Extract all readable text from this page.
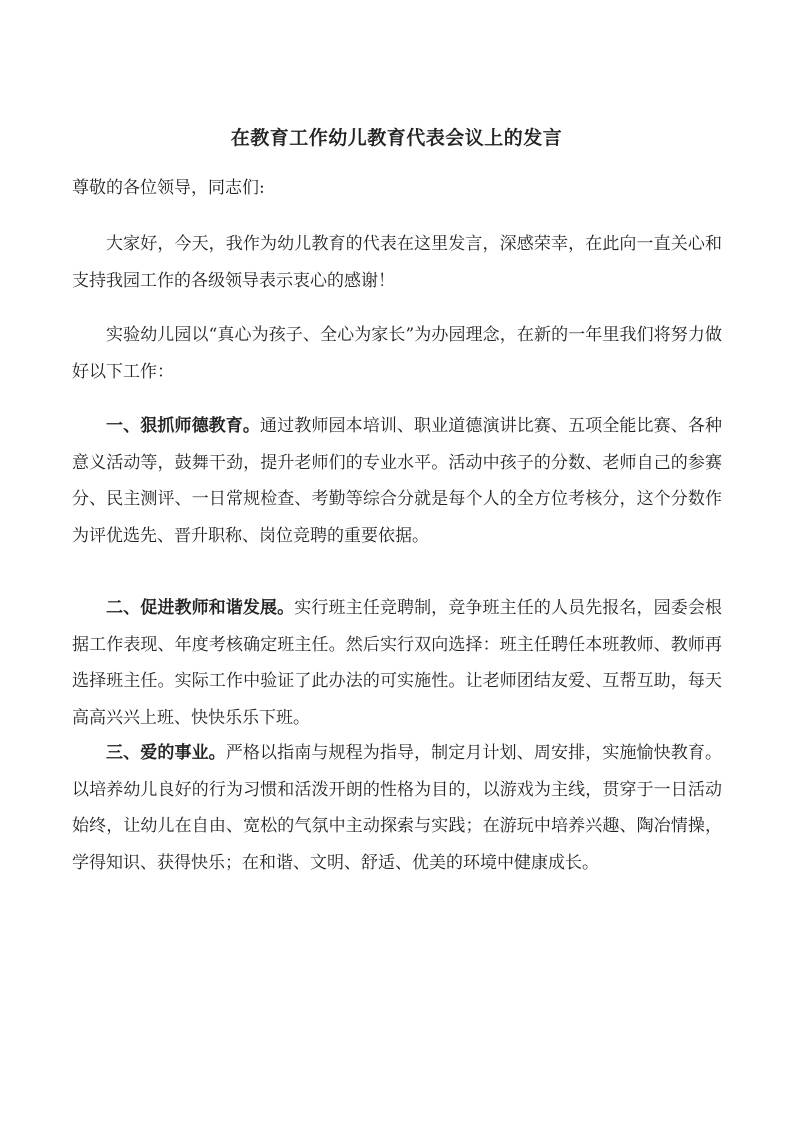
在教育工作幼儿教育代表会议上的发言
尊敬的各位领导，同志们:

大家好，今天，我作为幼儿教育的代表在这里发言，深感荣幸，在此向一直关心和支持我园工作的各级领导表示衷心的感谢！

实验幼儿园以“真心为孩子、全心为家长”为办园理念，在新的一年里我们将努力做好以下工作：

一、狠抓师德教育。通过教师园本培训、职业道德演讲比赛、五项全能比赛、各种意义活动等，鼓舞干劲，提升老师们的专业水平。活动中孩子的分数、老师自己的参赛分、民主测评、一日常规检查、考勤等综合分就是每个人的全方位考核分，这个分数作为评优选先、晋升职称、岗位竞聘的重要依据。

二、促进教师和谐发展。实行班主任竞聘制，竞争班主任的人员先报名，园委会根据工作表现、年度考核确定班主任。然后实行双向选择：班主任聘任本班教师、教师再选择班主任。实际工作中验证了此办法的可实施性。让老师团结友爱、互帮互助，每天高高兴兴上班、快快乐乐下班。

三、爱的事业。严格以指南与规程为指导，制定月计划、周安排，实施愉快教育。以培养幼儿良好的行为习惯和活泼开朗的性格为目的，以游戏为主线，贯穿于一日活动始终，让幼儿在自由、宽松的气氛中主动探索与实践；在游玩中培养兴趣、陶冶情操，学得知识、获得快乐；在和谐、文明、舒适、优美的环境中健康成长。
